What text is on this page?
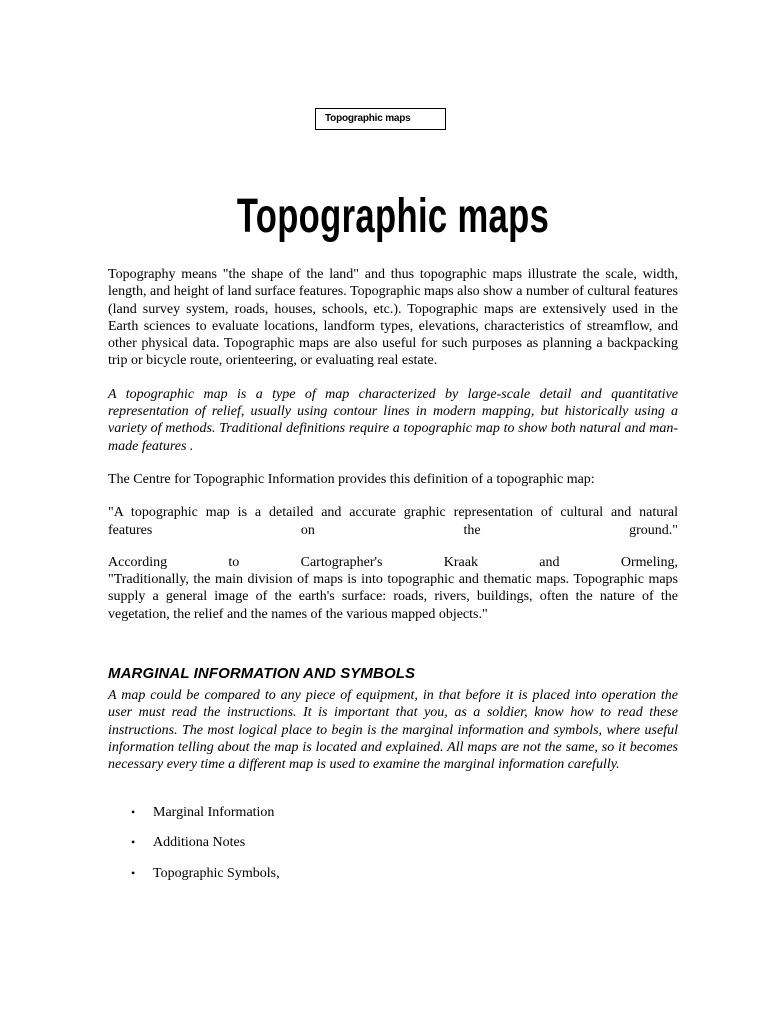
Topographic maps
Topographic maps

Topography means "the shape of the land" and thus topographic maps illustrate the scale, width, length, and height of land surface features. Topographic maps also show a number of cultural features (land survey system, roads, houses, schools, etc.). Topographic maps are extensively used in the Earth sciences to evaluate locations, landform types, elevations, characteristics of streamflow, and other physical data. Topographic maps are also useful for such purposes as planning a backpacking trip or bicycle route, orienteering, or evaluating real estate.

A topographic map is a type of map characterized by large-scale detail and quantitative representation of relief, usually using contour lines in modern mapping, but historically using a variety of methods. Traditional definitions require a topographic map to show both natural and man-made features .

The Centre for Topographic Information provides this definition of a topographic map:

"A topographic map is a detailed and accurate graphic representation of cultural and natural
features on the ground."

According to Cartographer's Kraak and Ormeling,
"Traditionally, the main division of maps is into topographic and thematic maps. Topographic maps supply a general image of the earth's surface: roads, rivers, buildings, often the nature of the vegetation, the relief and the names of the various mapped objects."

MARGINAL INFORMATION AND SYMBOLS

A map could be compared to any piece of equipment, in that before it is placed into operation the user must read the instructions. It is important that you, as a soldier, know how to read these instructions. The most logical place to begin is the marginal information and symbols, where useful information telling about the map is located and explained. All maps are not the same, so it becomes necessary every time a different map is used to examine the marginal information carefully.

• Marginal Information
• Additiona Notes
• Topographic Symbols,
